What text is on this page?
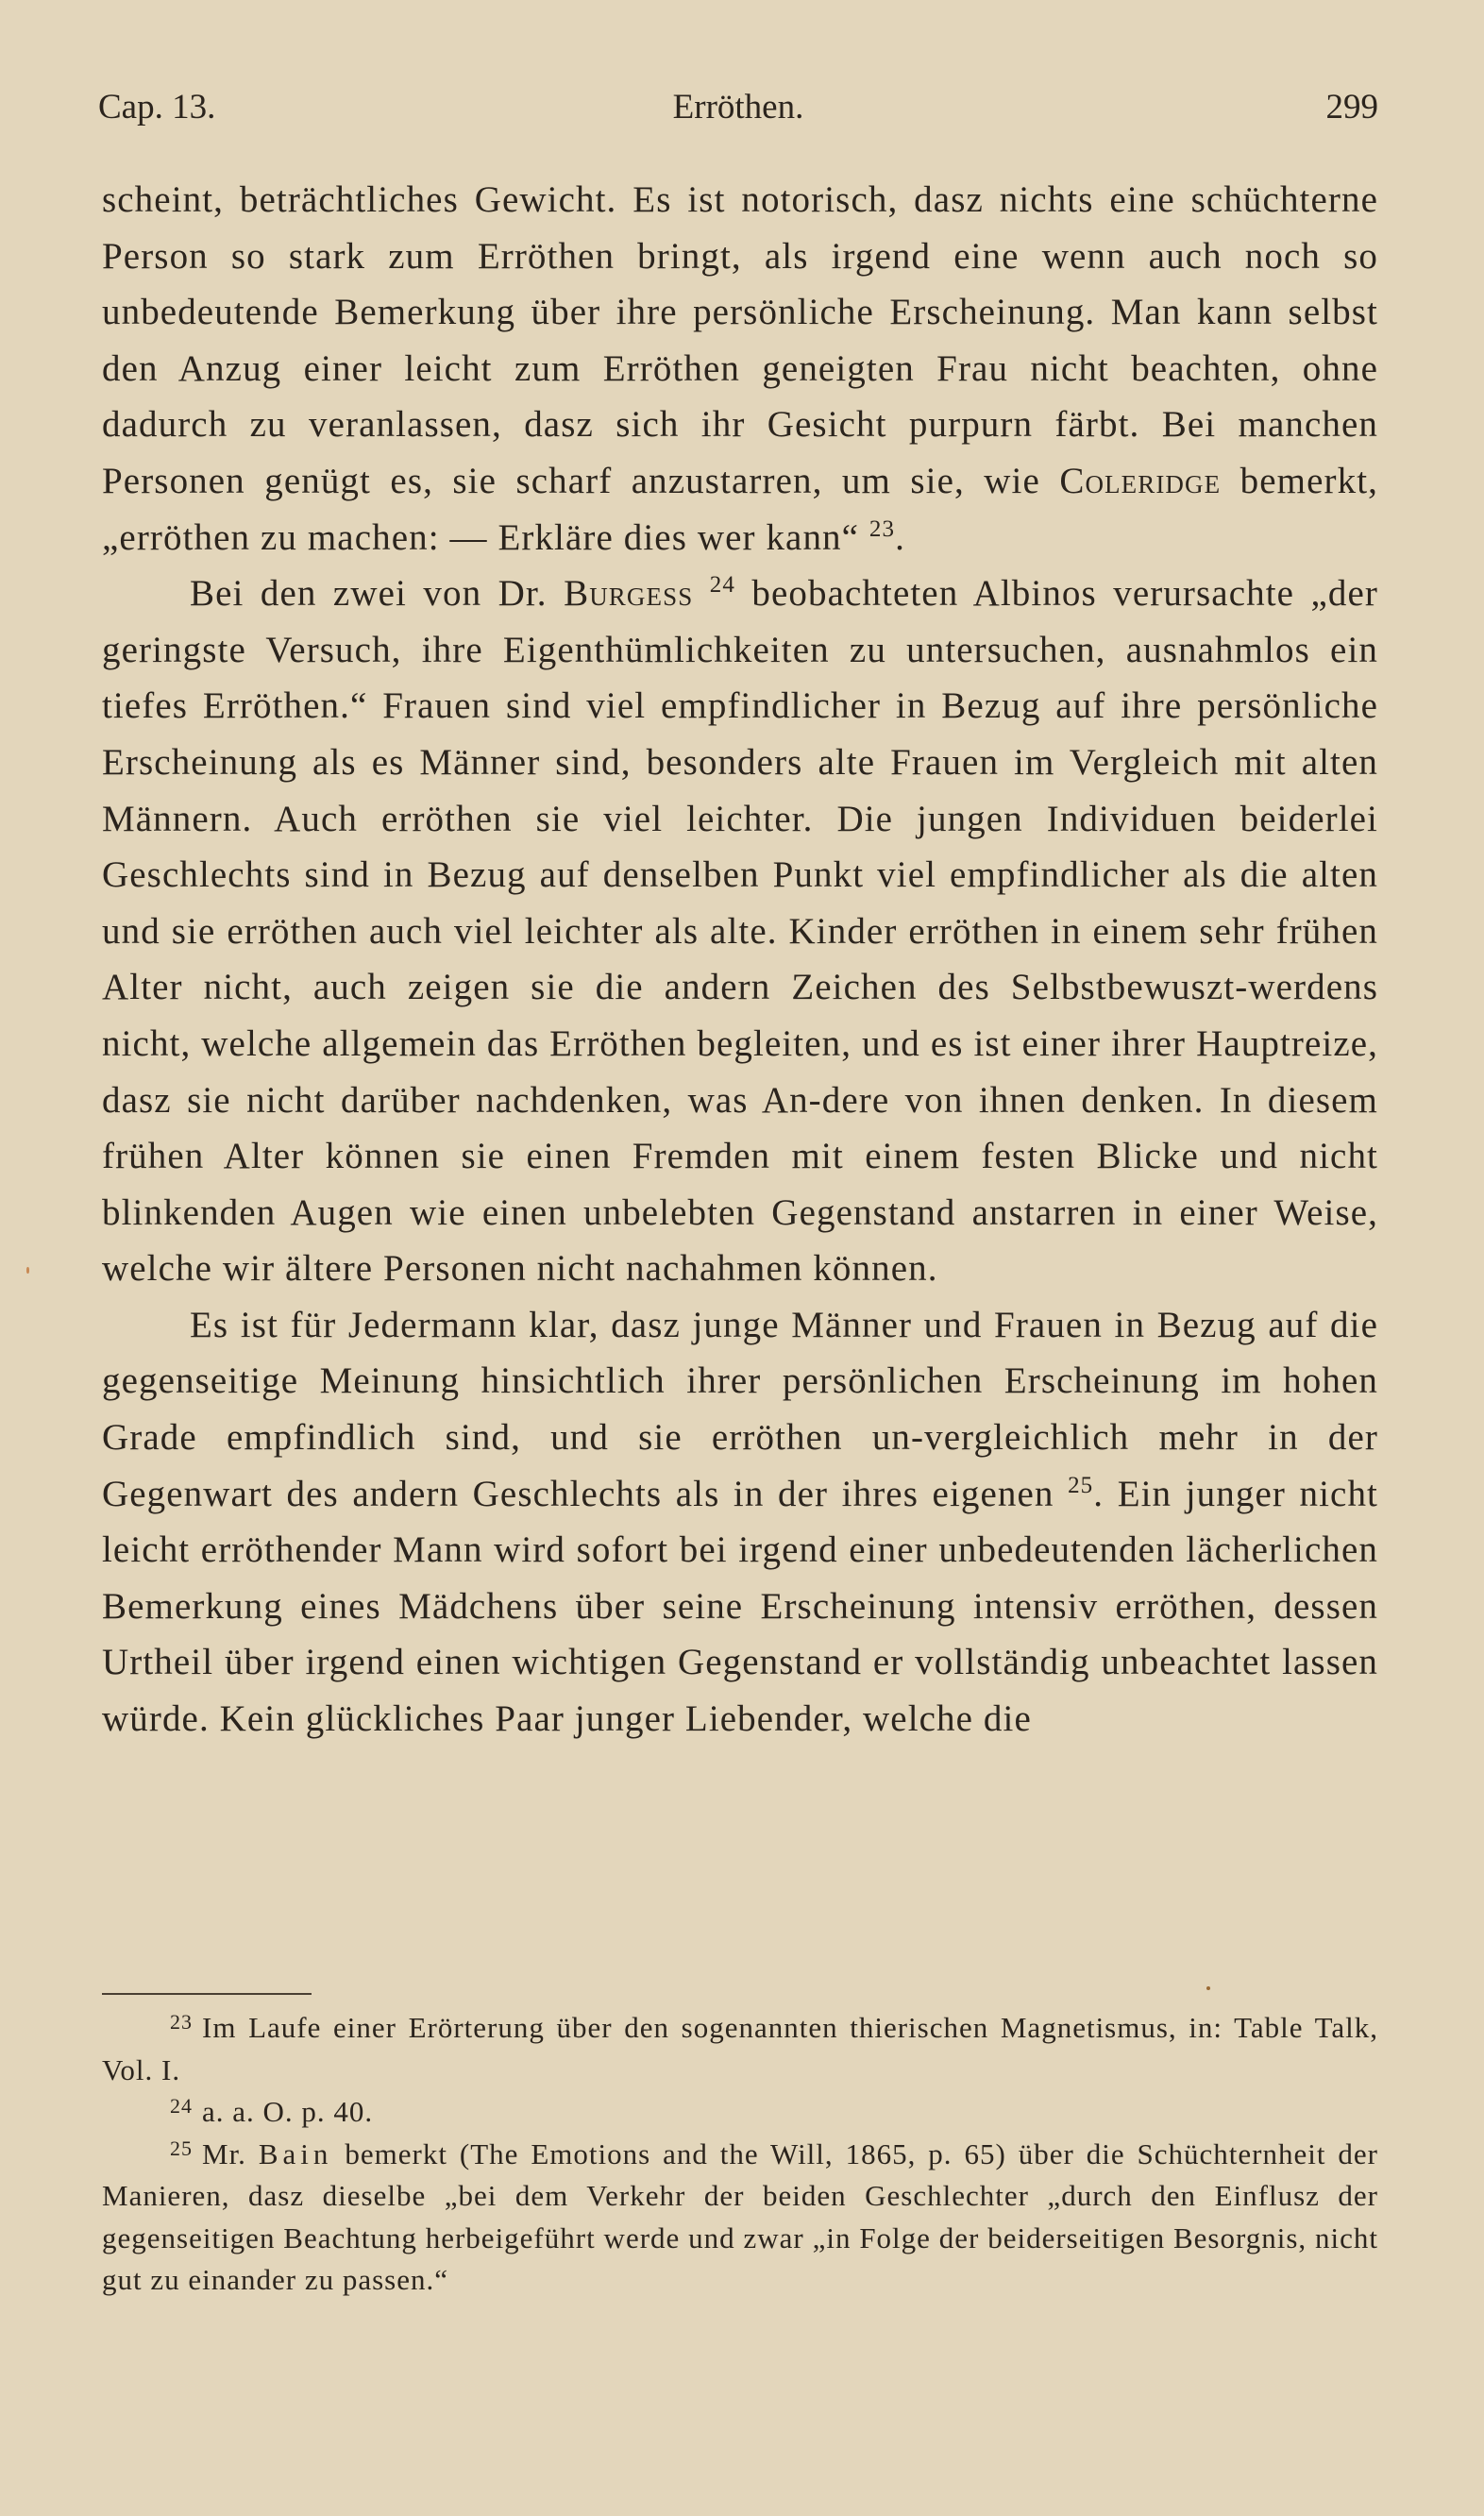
Cap. 13.	Erröthen.	299

scheint, beträchtliches Gewicht. Es ist notorisch, dasz nichts eine schüchterne Person so stark zum Erröthen bringt, als irgend eine wenn auch noch so unbedeutende Bemerkung über ihre persönliche Erscheinung. Man kann selbst den Anzug einer leicht zum Erröthen geneigten Frau nicht beachten, ohne dadurch zu veranlassen, dasz sich ihr Gesicht purpurn färbt. Bei manchen Personen genügt es, sie scharf anzustarren, um sie, wie Coleridge bemerkt, „erröthen zu machen: — Erkläre dies wer kann“ $^{23}$.

Bei den zwei von Dr. Burgess $^{24}$ beobachteten Albinos verursachte „der geringste Versuch, ihre Eigenthümlichkeiten zu untersuchen, ausnahmlos ein tiefes Erröthen.“ Frauen sind viel empfindlicher in Bezug auf ihre persönliche Erscheinung als es Männer sind, besonders alte Frauen im Vergleich mit alten Männern. Auch erröthen sie viel leichter. Die jungen Individuen beiderlei Geschlechts sind in Bezug auf denselben Punkt viel empfindlicher als die alten und sie erröthen auch viel leichter als alte. Kinder erröthen in einem sehr frühen Alter nicht, auch zeigen sie die andern Zeichen des Selbstbewuszt-werdens nicht, welche allgemein das Erröthen begleiten, und es ist einer ihrer Hauptreize, dasz sie nicht darüber nachdenken, was An-dere von ihnen denken. In diesem frühen Alter können sie einen Fremden mit einem festen Blicke und nicht blinkenden Augen wie einen unbelebten Gegenstand anstarren in einer Weise, welche wir ältere Personen nicht nachahmen können.

Es ist für Jedermann klar, dasz junge Männer und Frauen in Bezug auf die gegenseitige Meinung hinsichtlich ihrer persönlichen Erscheinung im hohen Grade empfindlich sind, und sie erröthen un-vergleichlich mehr in der Gegenwart des andern Geschlechts als in der ihres eigenen $^{25}$. Ein junger nicht leicht erröthender Mann wird sofort bei irgend einer unbedeutenden lächerlichen Bemerkung eines Mädchens über seine Erscheinung intensiv erröthen, dessen Urtheil über irgend einen wichtigen Gegenstand er vollständig unbeachtet lassen würde. Kein glückliches Paar junger Liebender, welche die

$^{23}$ Im Laufe einer Erörterung über den sogenannten thierischen Magnetismus, in: Table Talk, Vol. I.

$^{24}$ a. a. O. p. 40.

$^{25}$ Mr. Bain bemerkt (The Emotions and the Will, 1865, p. 65) über die Schüchternheit der Manieren, dasz dieselbe „bei dem Verkehr der beiden Geschlechter „durch den Einflusz der gegenseitigen Beachtung herbeigeführt werde und zwar „in Folge der beiderseitigen Besorgnis, nicht gut zu einander zu passen.“
